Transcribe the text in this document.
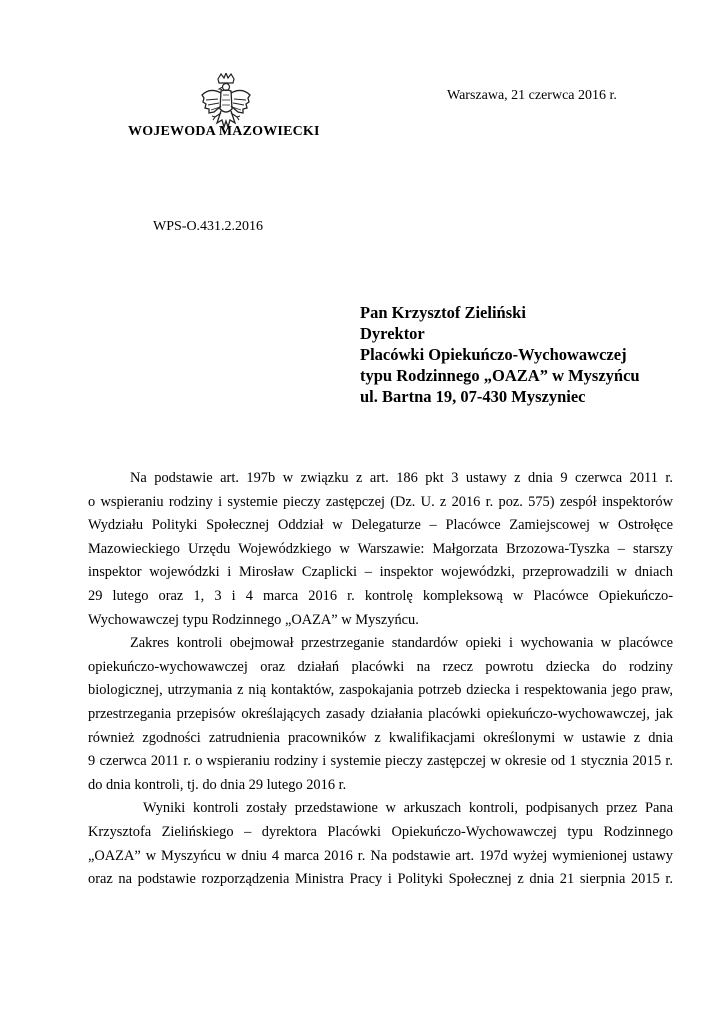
WOJEWODA MAZOWIECKI
Warszawa, 21 czerwca 2016 r.
WPS-O.431.2.2016
Pan Krzysztof Zieliński
Dyrektor
Placówki Opiekuńczo-Wychowawczej
typu Rodzinnego „OAZA” w Myszyńcu
ul. Bartna 19, 07-430 Myszyniec
Na podstawie art. 197b w związku z art. 186 pkt 3 ustawy z dnia 9 czerwca 2011 r.
o wspieraniu rodziny i systemie pieczy zastępczej (Dz. U. z 2016 r. poz. 575) zespół inspektorów
Wydziału Polityki Społecznej Oddział w Delegaturze – Placówce Zamiejscowej w Ostrołęce
Mazowieckiego Urzędu Wojewódzkiego w Warszawie: Małgorzata Brzozowa-Tyszka – starszy
inspektor wojewódzki i Mirosław Czaplicki – inspektor wojewódzki, przeprowadzili w dniach
29 lutego oraz 1, 3 i 4 marca 2016 r. kontrolę kompleksową w Placówce Opiekuńczo-
Wychowawczej typu Rodzinnego „OAZA” w Myszyńcu.
Zakres kontroli obejmował przestrzeganie standardów opieki i wychowania w placówce
opiekuńczo-wychowawczej oraz działań placówki na rzecz powrotu dziecka do rodziny
biologicznej, utrzymania z nią kontaktów, zaspokajania potrzeb dziecka i respektowania jego praw,
przestrzegania przepisów określających zasady działania placówki opiekuńczo-wychowawczej, jak
również zgodności zatrudnienia pracowników z kwalifikacjami określonymi w ustawie z dnia
9 czerwca 2011 r. o wspieraniu rodziny i systemie pieczy zastępczej w okresie od 1 stycznia 2015 r.
do dnia kontroli, tj. do dnia 29 lutego 2016 r.
Wyniki kontroli zostały przedstawione w arkuszach kontroli, podpisanych przez Pana
Krzysztofa Zielińskiego – dyrektora Placówki Opiekuńczo-Wychowawczej typu Rodzinnego
„OAZA” w Myszyńcu w dniu 4 marca 2016 r. Na podstawie art. 197d wyżej wymienionej ustawy
oraz na podstawie rozporządzenia Ministra Pracy i Polityki Społecznej z dnia 21 sierpnia 2015 r.
